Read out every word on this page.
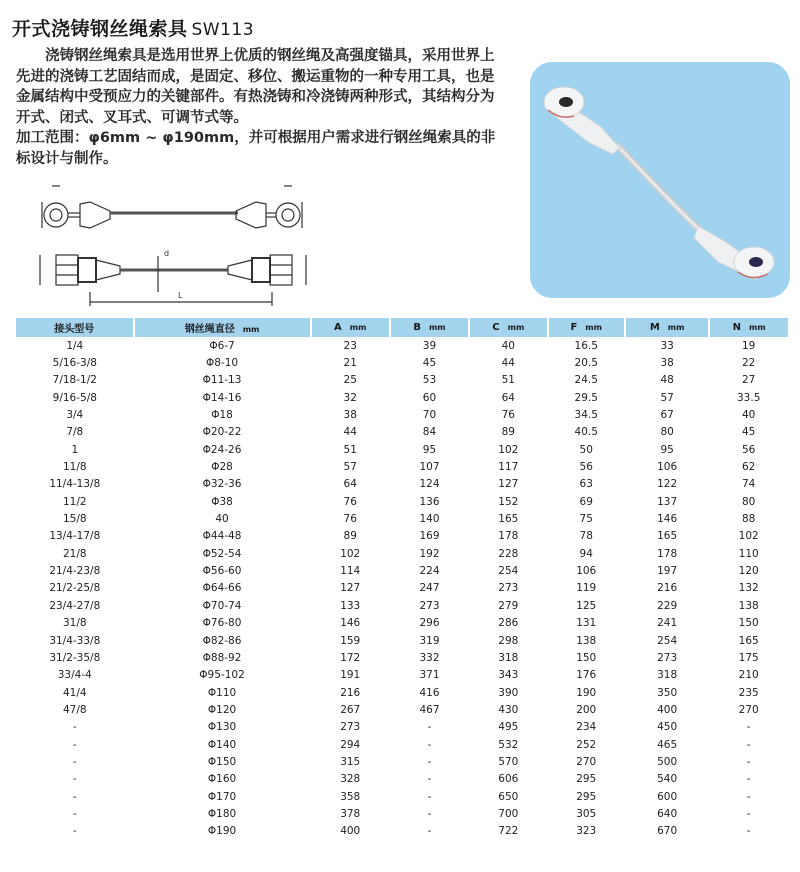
开式浇铸钢丝绳索具 SW113

浇铸钢丝绳索具是选用世界上优质的钢丝绳及高强度锚具，采用世界上先进的浇铸工艺固结而成，是固定、移位、搬运重物的一种专用工具，也是金属结构中受预应力的关键部件。有热浇铸和冷浇铸两种形式，其结构分为开式、闭式、叉耳式、可调节式等。

加工范围：φ6mm ~ φ190mm，并可根据用户需求进行钢丝绳索具的非标设计与制作。

L
d
接头型号	钢丝绳直径 mm	A mm	B mm	C mm	F mm	M mm	N mm
1/4	Φ6-7	23	39	40	16.5	33	19
5/16-3/8	Φ8-10	21	45	44	20.5	38	22
7/18-1/2	Φ11-13	25	53	51	24.5	48	27
9/16-5/8	Φ14-16	32	60	64	29.5	57	33.5
3/4	Φ18	38	70	76	34.5	67	40
7/8	Φ20-22	44	84	89	40.5	80	45
1	Φ24-26	51	95	102	50	95	56
11/8	Φ28	57	107	117	56	106	62
11/4-13/8	Φ32-36	64	124	127	63	122	74
11/2	Φ38	76	136	152	69	137	80
15/8	40	76	140	165	75	146	88
13/4-17/8	Φ44-48	89	169	178	78	165	102
21/8	Φ52-54	102	192	228	94	178	110
21/4-23/8	Φ56-60	114	224	254	106	197	120
21/2-25/8	Φ64-66	127	247	273	119	216	132
23/4-27/8	Φ70-74	133	273	279	125	229	138
31/8	Φ76-80	146	296	286	131	241	150
31/4-33/8	Φ82-86	159	319	298	138	254	165
31/2-35/8	Φ88-92	172	332	318	150	273	175
33/4-4	Φ95-102	191	371	343	176	318	210
41/4	Φ110	216	416	390	190	350	235
47/8	Φ120	267	467	430	200	400	270
-	Φ130	273	-	495	234	450	-
-	Φ140	294	-	532	252	465	-
-	Φ150	315	-	570	270	500	-
-	Φ160	328	-	606	295	540	-
-	Φ170	358	-	650	295	600	-
-	Φ180	378	-	700	305	640	-
-	Φ190	400	-	722	323	670	-
